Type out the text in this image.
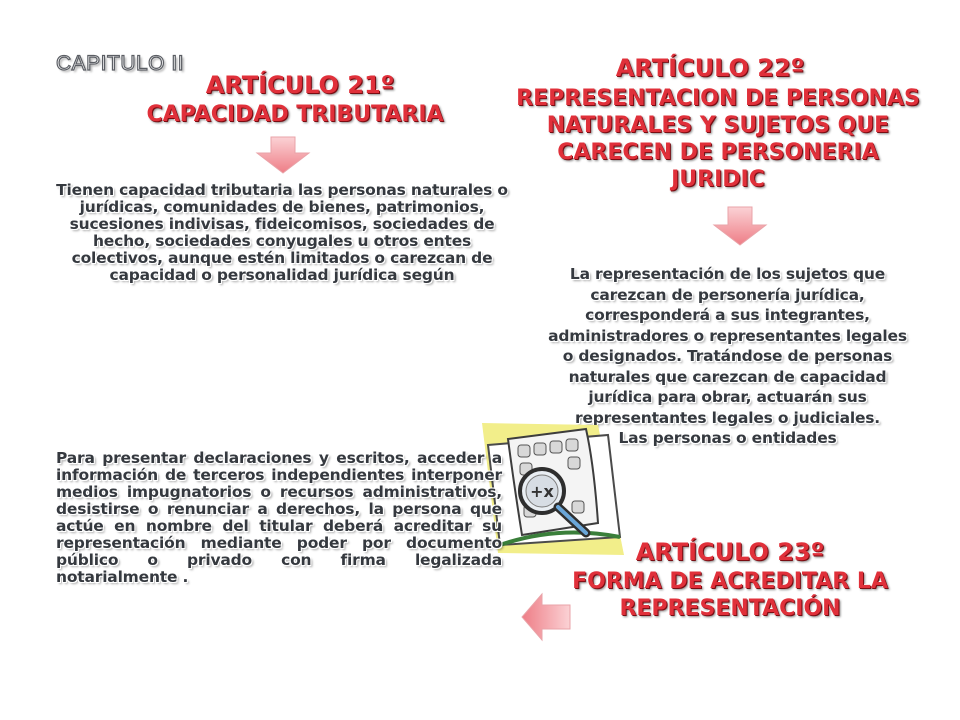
CAPITULO II

ARTÍCULO 21º

CAPACIDAD TRIBUTARIA

Tienen capacidad tributaria las personas naturales o jurídicas, comunidades de bienes, patrimonios, sucesiones indivisas, fideicomisos, sociedades de hecho, sociedades conyugales u otros entes colectivos, aunque estén limitados o carezcan de capacidad o personalidad jurídica según

ARTÍCULO 22º

REPRESENTACION DE PERSONAS NATURALES Y SUJETOS QUE CARECEN DE PERSONERIA JURIDIC

La representación de los sujetos que carezcan de personería jurídica, corresponderá a sus integrantes, administradores o representantes legales o designados. Tratándose de personas naturales que carezcan de capacidad jurídica para obrar, actuarán sus representantes legales o judiciales.
Las personas o entidades
+x

Para presentar declaraciones y escritos, acceder a información de terceros independientes interponer medios impugnatorios o recursos administrativos, desistirse o renunciar a derechos, la persona que actúe en nombre del titular deberá acreditar su representación mediante poder por documento público o privado con firma legalizada notarialmente .

ARTÍCULO 23º

FORMA DE ACREDITAR LA REPRESENTACIÓN
